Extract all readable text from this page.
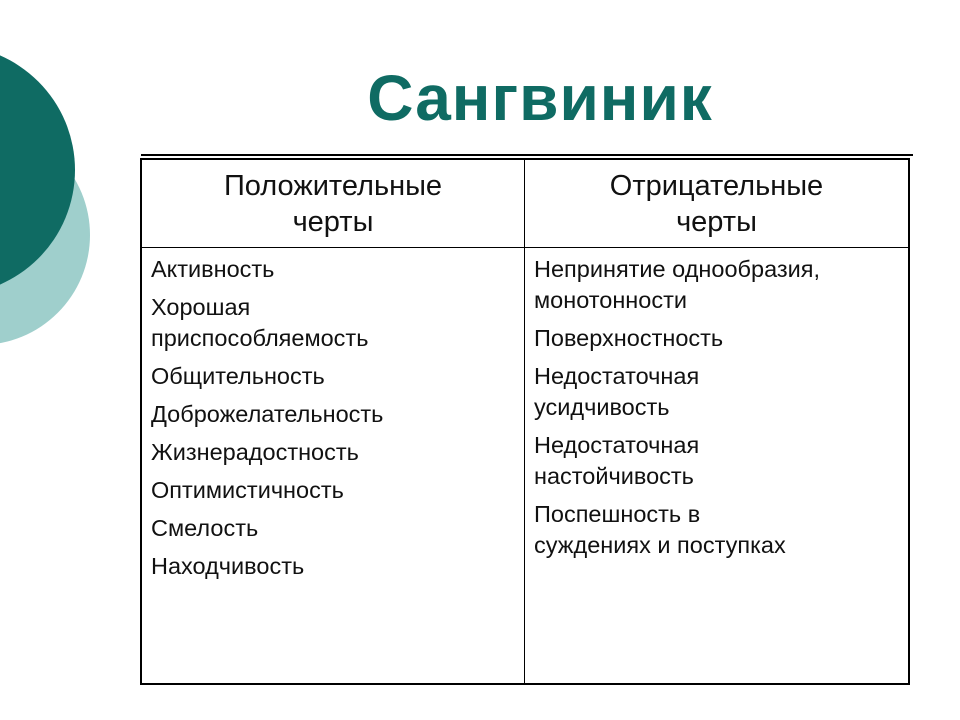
Сангвиник
Положительные
черты
Отрицательные
черты
Активность
Хорошая
приспособляемость
Общительность
Доброжелательность
Жизнерадостность
Оптимистичность
Смелость
Находчивость
Непринятие однообразия,
монотонности
Поверхностность
Недостаточная
усидчивость
Недостаточная
настойчивость
Поспешность в
суждениях и поступках
